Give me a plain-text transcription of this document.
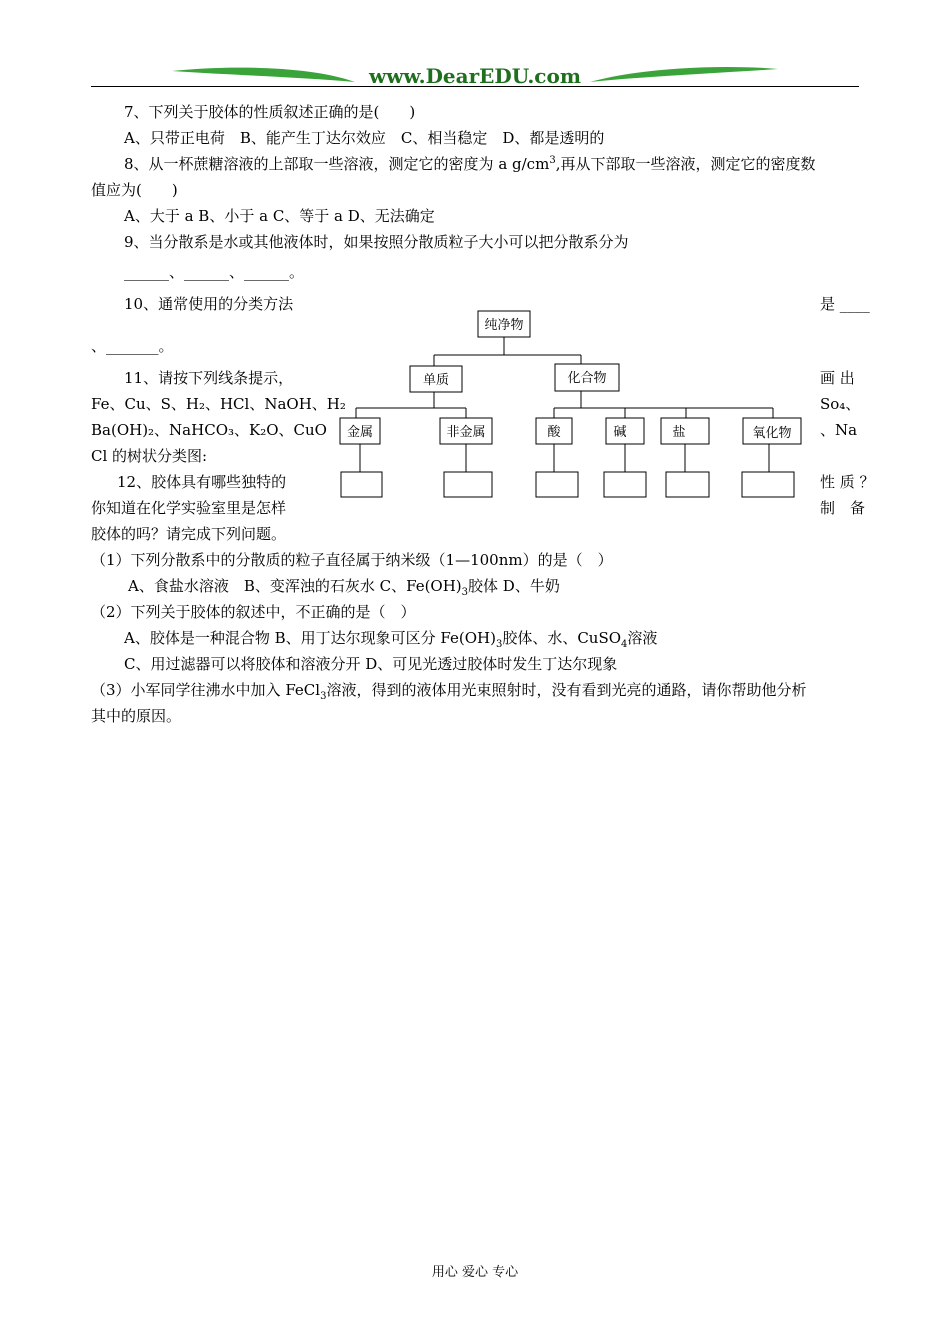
www.DearEDU.com
7、下列关于胶体的性质叙述正确的是(　　)
A、只带正电荷　B、能产生丁达尔效应　C、相当稳定　D、都是透明的
8、从一杯蔗糖溶液的上部取一些溶液，测定它的密度为 a $g/cm^3$,再从下部取一些溶液，测定它的密度数
值应为(　　)
A、大于 a B、小于 a C、等于 a D、无法确定
9、当分散系是水或其他液体时，如果按照分散质粒子大小可以把分散系分为
______、______、______。
10、通常使用的分类方法	是 ____
、_______。
11、请按下列线条提示，	画 出
Fe、Cu、S、H₂、HCl、NaOH、H₂	So₄、
Ba(OH)₂、NaHCO₃、K₂O、CuO	、Na
Cl 的树状分类图:
12、胶体具有哪些独特的	性 质 ？
你知道在化学实验室里是怎样	制　备
胶体的吗？请完成下列问题。
（1）下列分散系中的分散质的粒子直径属于纳米级（1—100nm）的是（　）
A、食盐水溶液　B、变浑浊的石灰水 C、$Fe(OH)_3$胶体 D、牛奶
（2）下列关于胶体的叙述中，不正确的是（　）
A、胶体是一种混合物 B、用丁达尔现象可区分 $Fe(OH)_3$胶体、水、CuSO$_4$溶液
C、用过滤器可以将胶体和溶液分开 D、可见光透过胶体时发生丁达尔现象
（3）小军同学往沸水中加入 FeCl$_3$溶液，得到的液体用光束照射时，没有看到光亮的通路，请你帮助他分析
其中的原因。
纯净物
单质	化合物
金属	非金属	酸	碱	盐	氧化物
用心 爱心 专心
